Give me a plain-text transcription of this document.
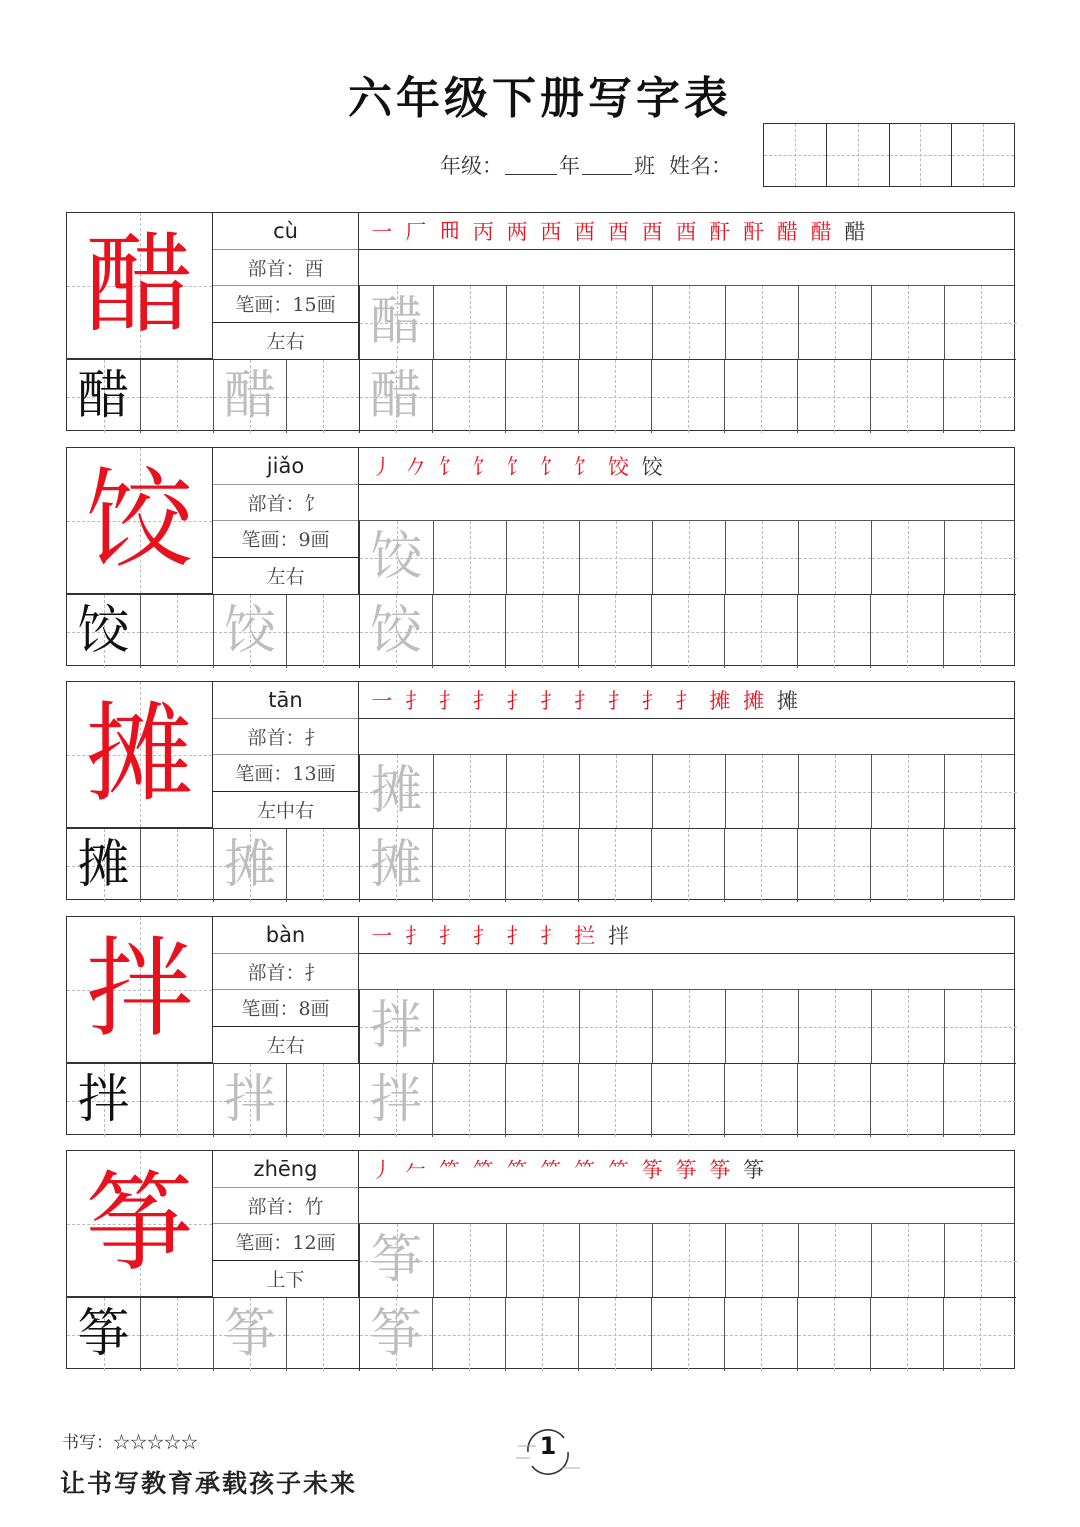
六年级下册写字表
年级：	年	班 姓名：
醋	cù
部首：酉
笔画：15画
左右
一 厂 𠕁 丙 两 西 酉 酉 酉 酉 酐 酐 醋 醋 醋
醋
醋 醋 醋
饺	jiǎo
部首：饣
笔画：9画
左右
丿 𠂊 饣 饣 饣 饣 饣 饺 饺
饺
饺 饺 饺
摊	tān
部首：扌
笔画：13画
左中右
一 扌 扌 扌 扌 扌 扌 扌 扌 扌 摊 摊 摊
摊
摊 摊 摊
拌	bàn
部首：扌
笔画：8画
左右
一 扌 扌 扌 扌 扌 拦 拌
拌
拌 拌 拌
筝	zhēng
部首：竹
笔画：12画
上下
丿 𠂉 ⺮ ⺮ ⺮ ⺮ ⺮ ⺮ 筝 筝 筝 筝
筝
筝 筝 筝
书写：☆☆☆☆☆
让书写教育承载孩子未来
1
